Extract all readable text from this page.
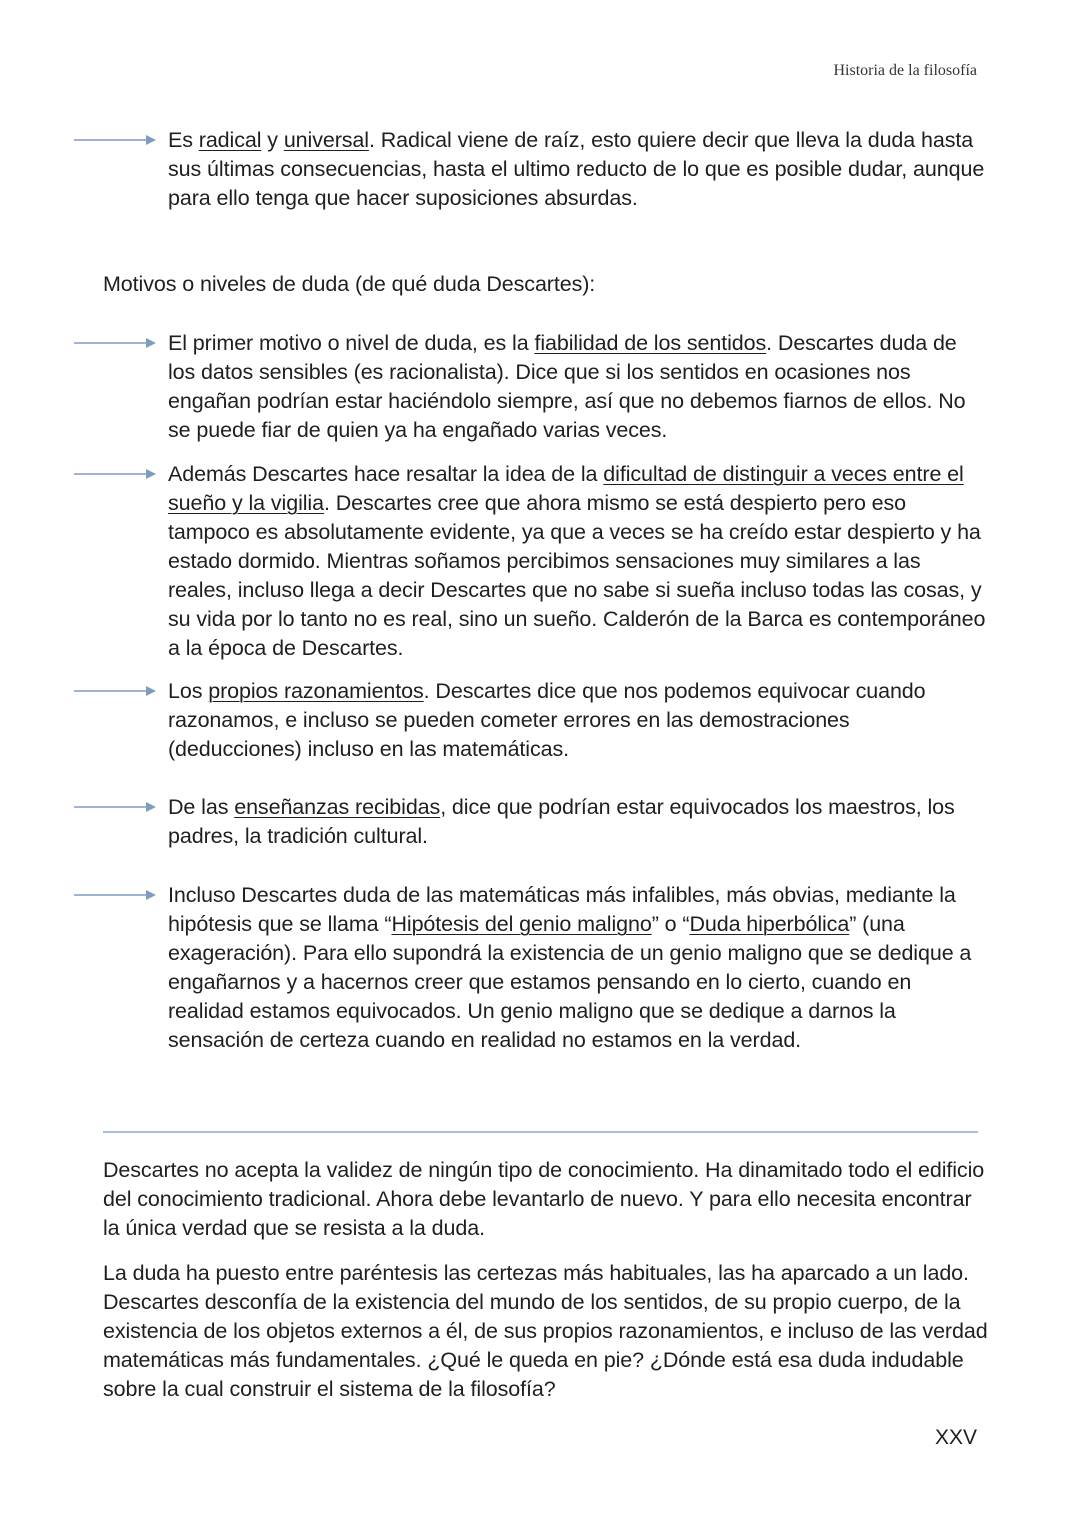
Historia de la filosofía

Es radical y universal. Radical viene de raíz, esto quiere decir que lleva la duda hasta sus últimas consecuencias, hasta el ultimo reducto de lo que es posible dudar, aunque para ello tenga que hacer suposiciones absurdas.

Motivos o niveles de duda (de qué duda Descartes):

El primer motivo o nivel de duda, es la fiabilidad de los sentidos. Descartes duda de los datos sensibles (es racionalista). Dice que si los sentidos en ocasiones nos engañan podrían estar haciéndolo siempre, así que no debemos fiarnos de ellos. No se puede fiar de quien ya ha engañado varias veces.

Además Descartes hace resaltar la idea de la dificultad de distinguir a veces entre el sueño y la vigilia. Descartes cree que ahora mismo se está despierto pero eso tampoco es absolutamente evidente, ya que a veces se ha creído estar despierto y ha estado dormido. Mientras soñamos percibimos sensaciones muy similares a las reales, incluso llega a decir Descartes que no sabe si sueña incluso todas las cosas, y su vida por lo tanto no es real, sino un sueño. Calderón de la Barca es contemporáneo a la época de Descartes.

Los propios razonamientos. Descartes dice que nos podemos equivocar cuando razonamos, e incluso se pueden cometer errores en las demostraciones (deducciones) incluso en las matemáticas.

De las enseñanzas recibidas, dice que podrían estar equivocados los maestros, los padres, la tradición cultural.

Incluso Descartes duda de las matemáticas más infalibles, más obvias, mediante la hipótesis que se llama “Hipótesis del genio maligno” o “Duda hiperbólica” (una exageración). Para ello supondrá la existencia de un genio maligno que se dedique a engañarnos y a hacernos creer que estamos pensando en lo cierto, cuando en realidad estamos equivocados. Un genio maligno que se dedique a darnos la sensación de certeza cuando en realidad no estamos en la verdad.

Descartes no acepta la validez de ningún tipo de conocimiento. Ha dinamitado todo el edificio del conocimiento tradicional. Ahora debe levantarlo de nuevo. Y para ello necesita encontrar la única verdad que se resista a la duda.

La duda ha puesto entre paréntesis las certezas más habituales, las ha aparcado a un lado. Descartes desconfía de la existencia del mundo de los sentidos, de su propio cuerpo, de la existencia de los objetos externos a él, de sus propios razonamientos, e incluso de las verdad matemáticas más fundamentales. ¿Qué le queda en pie? ¿Dónde está esa duda indudable sobre la cual construir el sistema de la filosofía?

XXV
